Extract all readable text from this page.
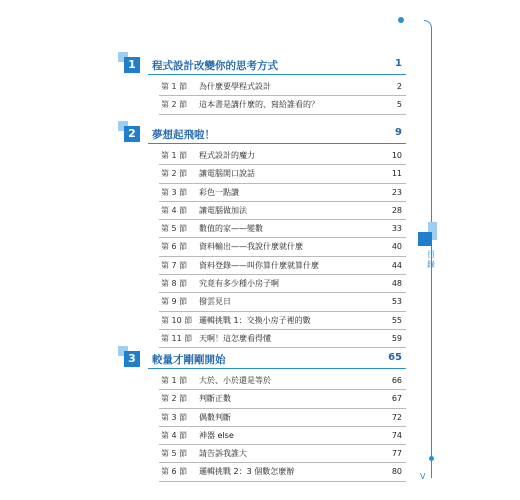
目錄
V
1	程式設計改變你的思考方式	1
第 1 節 為什麼要學程式設計	2
第 2 節 這本書是講什麼的、寫給誰看的？	5
2	夢想起飛啦！	9
第 1 節 程式設計的魔力	10
第 2 節 讓電腦開口說話	11
第 3 節 彩色一點讚	23
第 4 節 讓電腦做加法	28
第 5 節 數值的家——變數	33
第 6 節 資料輸出——我說什麼就什麼	40
第 7 節 資料登錄——叫你算什麼就算什麼	44
第 8 節 究竟有多少種小房子啊	48
第 9 節 撥雲見日	53
第 10 節 邏輯挑戰 1：交換小房子裡的數	55
第 11 節 天啊！這怎麼看得懂	59
3	較量才剛剛開始	65
第 1 節 大於、小於還是等於	66
第 2 節 判斷正數	67
第 3 節 偶數判斷	72
第 4 節 神器 else	74
第 5 節 請告訴我誰大	77
第 6 節 邏輯挑戰 2：3 個數怎麼辦	80
